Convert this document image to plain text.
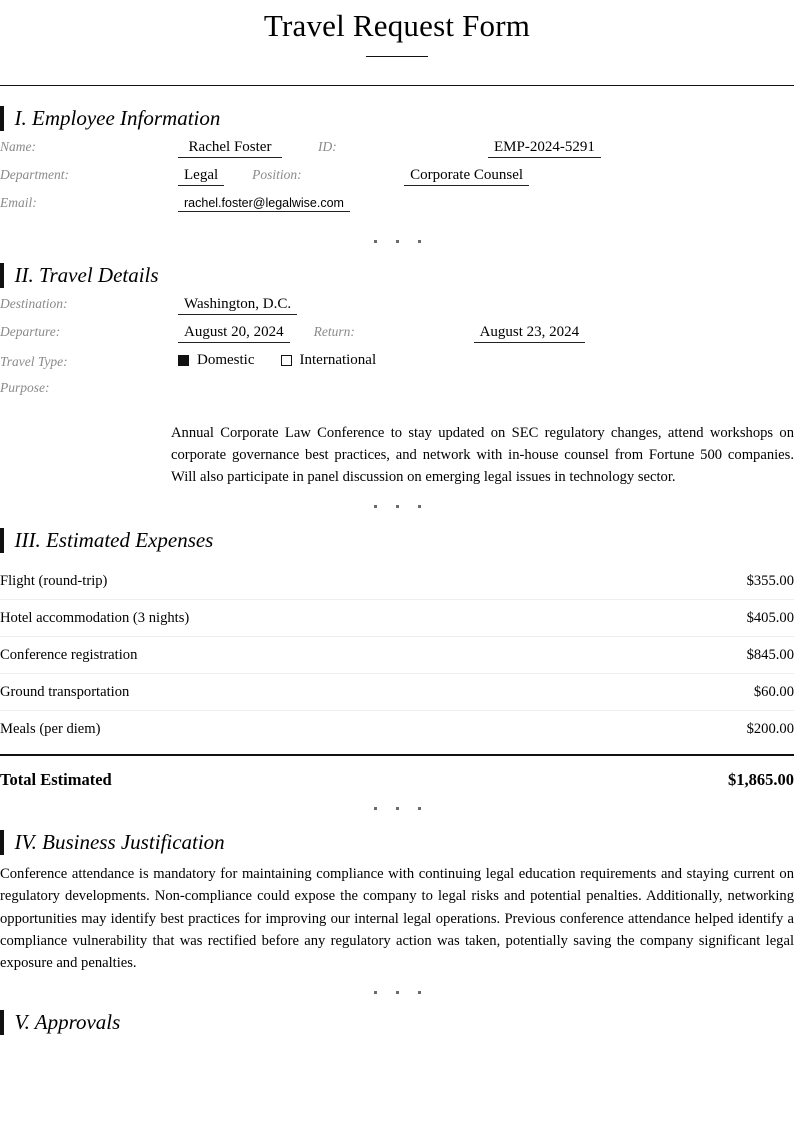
Travel Request Form
I. Employee Information
Name:	Rachel Foster	ID:	EMP-2024-5291
Department:	Legal	Position:	Corporate Counsel
Email:	rachel.foster@legalwise.com
II. Travel Details
Destination:	Washington, D.C.
Departure:	August 20, 2024	Return:	August 23, 2024
Travel Type:	Domestic	International
Purpose:

Annual Corporate Law Conference to stay updated on SEC regulatory changes, attend workshops on corporate governance best practices, and network with in-house counsel from Fortune 500 companies. Will also participate in panel discussion on emerging legal issues in technology sector.

III. Estimated Expenses
Flight (round-trip)	$355.00
Hotel accommodation (3 nights)	$405.00
Conference registration	$845.00
Ground transportation	$60.00
Meals (per diem)	$200.00
Total Estimated	$1,865.00
IV. Business Justification

Conference attendance is mandatory for maintaining compliance with continuing legal education requirements and staying current on regulatory developments. Non-compliance could expose the company to legal risks and potential penalties. Additionally, networking opportunities may identify best practices for improving our internal legal operations. Previous conference attendance helped identify a compliance vulnerability that was rectified before any regulatory action was taken, potentially saving the company significant legal exposure and penalties.

V. Approvals
